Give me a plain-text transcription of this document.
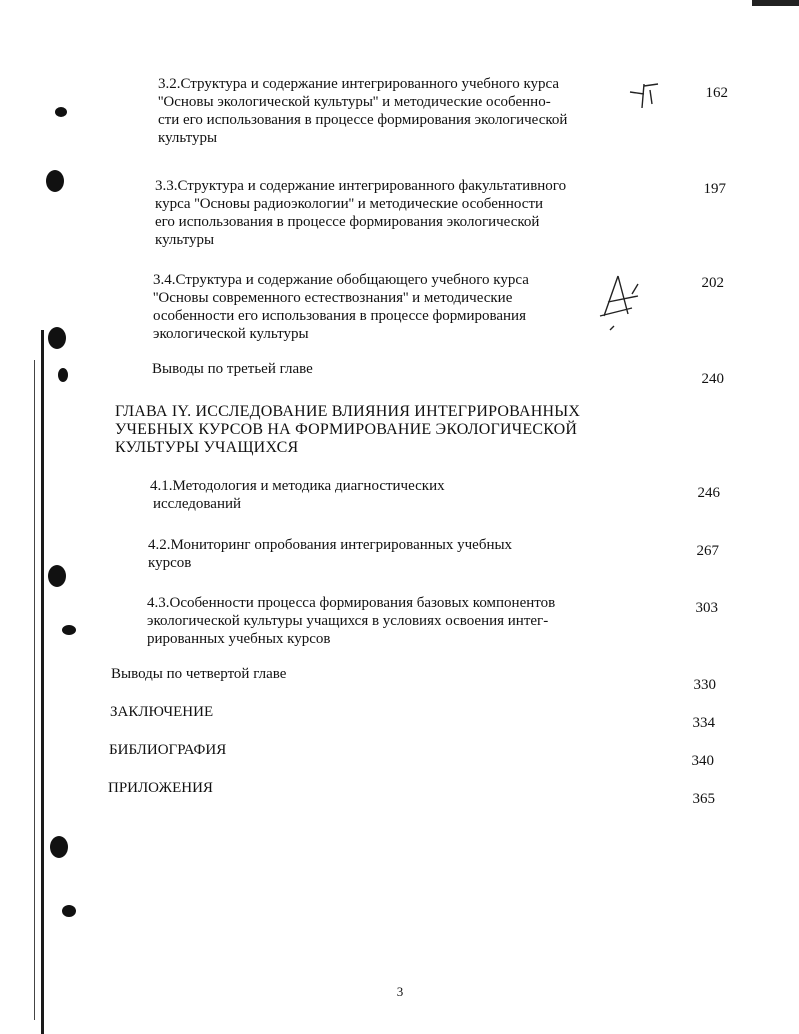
3.2.Структура и содержание интегрированного учебного курса
''Основы экологической культуры'' и методические особенно-
сти его использования в процессе формирования экологической
культуры
162
3.3.Структура и содержание интегрированного факультативного
курса ''Основы радиоэкологии'' и методические особенности
его использования в процессе формирования экологической
культуры
197
3.4.Структура и содержание обобщающего учебного курса
''Основы современного естествознания'' и методические
особенности его использования в процессе формирования
экологической культуры
202
Выводы по третьей главе
240
ГЛАВА IY. ИССЛЕДОВАНИЕ ВЛИЯНИЯ ИНТЕГРИРОВАННЫХ УЧЕБНЫХ КУРСОВ НА ФОРМИРОВАНИЕ ЭКОЛОГИЧЕСКОЙ КУЛЬТУРЫ УЧАЩИХСЯ
4.1.Методология и методика диагностических
исследований
246
4.2.Мониторинг опробования интегрированных учебных
курсов
267
4.3.Особенности процесса формирования базовых компонентов
экологической культуры учащихся в условиях освоения интег-
рированных учебных курсов
303
Выводы по четвертой главе
330
ЗАКЛЮЧЕНИЕ
334
БИБЛИОГРАФИЯ
340
ПРИЛОЖЕНИЯ
365
3
